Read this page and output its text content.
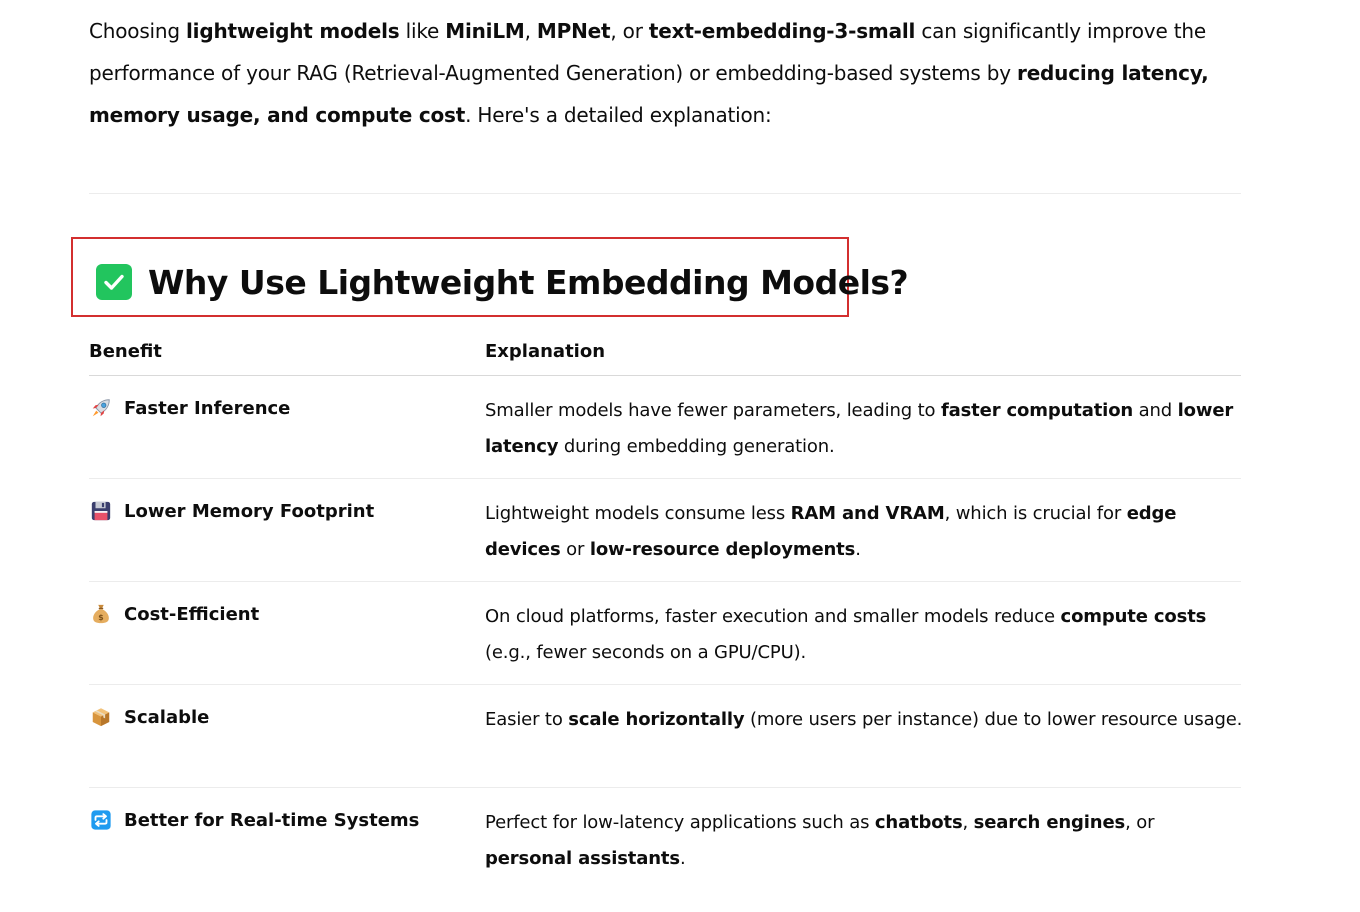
Choosing lightweight models like MiniLM, MPNet, or text-embedding-3-small can significantly improve the performance of your RAG (Retrieval-Augmented Generation) or embedding-based systems by reducing latency, memory usage, and compute cost. Here's a detailed explanation:
Why Use Lightweight Embedding Models?
Benefit	Explanation
Faster Inference	Smaller models have fewer parameters, leading to faster computation and lower latency during embedding generation.
Lower Memory Footprint	Lightweight models consume less RAM and VRAM, which is crucial for edge devices or low-resource deployments.
$ Cost-Efficient	On cloud platforms, faster execution and smaller models reduce compute costs (e.g., fewer seconds on a GPU/CPU).
Scalable	Easier to scale horizontally (more users per instance) due to lower resource usage.
Better for Real-time Systems	Perfect for low-latency applications such as chatbots, search engines, or personal assistants.
